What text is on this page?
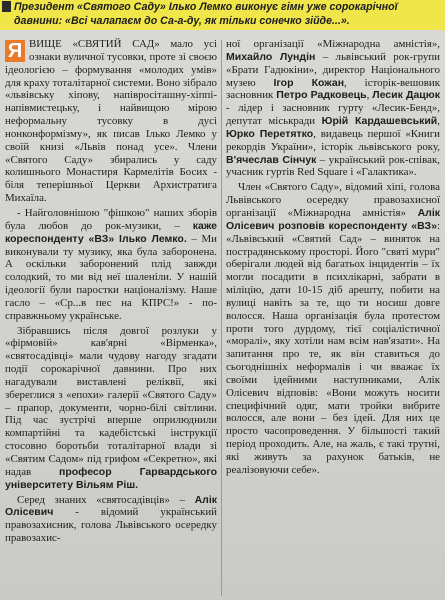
Президент «Святого Саду» Ілько Лемко виконує гімн уже сорокарічної давнини: «Всі чалапаєм до Са-а-ду, як тільки сонечко зійде...».
Я ВИЩЕ «СВЯТИЙ САД» мало усі ознаки вуличної тусовки, проте зі своєю ідеологією – формування «молодих умів» для краху тоталітарної системи. Воно зібрало «львівську хіпову, напівросіташну-хіппі-напівмистецьку, і найвищою мірою неформальну тусовку в дусі нонконформізму», як писав Ілько Лемко у своїй книзі «Львів понад усе». Члени «Святого Саду» збирались у саду колишнього Монастиря Кармелітів Босих - біля теперішньої Церкви Архистратига Михаїла.

- Найголовнішою "фішкою" наших зборів була любов до рок-музики, – каже кореспонденту «ВЗ» Ілько Лемко. – Ми виконували ту музику, яка була заборонена. А оскільки заборонений плід завжди солодкий, то ми від неї шаленіли. У нашій ідеології були паростки націоналізму. Наше гасло – «Ср...в пес на КПРС!» - по-справжньому українське.

Зібравшись після довгої розлуки у «фірмовій» кав'ярні «Вірменка», «святосадівці» мали чудову нагоду згадати події сорокарічної давнини. Про них нагадували виставлені реліквії, які збереглися з «епохи» галерії «Святого Саду» – прапор, документи, чорно-білі світлини. Під час зустрічі вперше оприлюднили компартійні та кадебістські інструкції стосовно боротьби тоталітарної влади зі «Святим Садом» під грифом «Секретно», які надав професор Гарвардського університету Вільям Ріш.

Серед знаних «святосадівців» – Алік Олісевич - відомий український правозахисник, голова Львівського осередку правозахис-

ної організації «Міжнародна амністія», Михайло Лундін – львівський рок-групи «Брати Гадюкіни», директор Національного музею Ігор Кожан, історік-вешовик засновник Петро Радковець, Лесик Дацюк - лідер і засновник гурту «Лесик-Бенд», депутат міськради Юрій Кардашевський, Юрко Перетятко, видавець першої «Книги рекордів України», історік львівського року, В'ячеслав Сінчук – український рок-співак, учасник гуртів Red Square і «Галактика».

Член «Святого Саду», відомий хіпі, голова Львівського осередку правозахисної організації «Міжнародна амністія» Алік Олісевич розповів кореспонденту «ВЗ»: «Львівський «Святий Сад» – виняток на пострадянському просторі. Його "святі мури" оберігали людей від багатьох інцидентів – їх могли посадити в психлікарні, забрати в міліцію, дати 10-15 діб арешту, побити на вулиці навіть за те, що ти носиш довге волосся. Наша організація була протестом проти того дурдому, тієї соціалістичної «моралі», яку хотіли нам всім нав'язати». На запитання про те, як він ставиться до сьогоднішніх неформалів і чи вважає їх своїми ідейними наступниками, Алік Олісевич відповів: «Вони можуть носити специфічний одяг, мати тройки вибрите волосся, але вони – без ідей. Для них це просто часопроведення. У більшості такий період проходить. Але, на жаль, є такі трутні, які живуть за рахунок батьків, не реалізовуючи себе».
